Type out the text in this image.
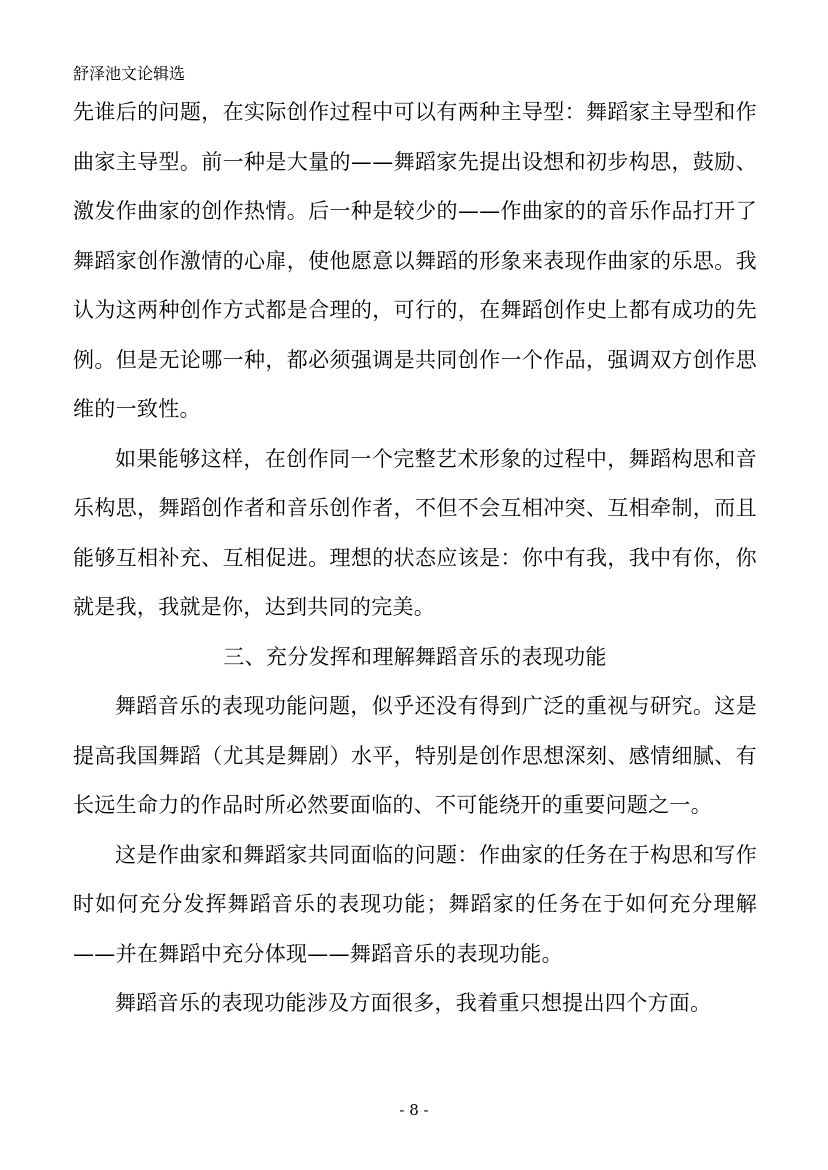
舒泽池文论辑选

先谁后的问题，在实际创作过程中可以有两种主导型：舞蹈家主导型和作曲家主导型。前一种是大量的——舞蹈家先提出设想和初步构思，鼓励、激发作曲家的创作热情。后一种是较少的——作曲家的的音乐作品打开了舞蹈家创作激情的心扉，使他愿意以舞蹈的形象来表现作曲家的乐思。我认为这两种创作方式都是合理的，可行的，在舞蹈创作史上都有成功的先例。但是无论哪一种，都必须强调是共同创作一个作品，强调双方创作思维的一致性。

如果能够这样，在创作同一个完整艺术形象的过程中，舞蹈构思和音乐构思，舞蹈创作者和音乐创作者，不但不会互相冲突、互相牵制，而且能够互相补充、互相促进。理想的状态应该是：你中有我，我中有你，你就是我，我就是你，达到共同的完美。

三、充分发挥和理解舞蹈音乐的表现功能

舞蹈音乐的表现功能问题，似乎还没有得到广泛的重视与研究。这是提高我国舞蹈（尤其是舞剧）水平，特别是创作思想深刻、感情细腻、有长远生命力的作品时所必然要面临的、不可能绕开的重要问题之一。

这是作曲家和舞蹈家共同面临的问题：作曲家的任务在于构思和写作时如何充分发挥舞蹈音乐的表现功能；舞蹈家的任务在于如何充分理解——并在舞蹈中充分体现——舞蹈音乐的表现功能。

舞蹈音乐的表现功能涉及方面很多，我着重只想提出四个方面。

- 8 -
